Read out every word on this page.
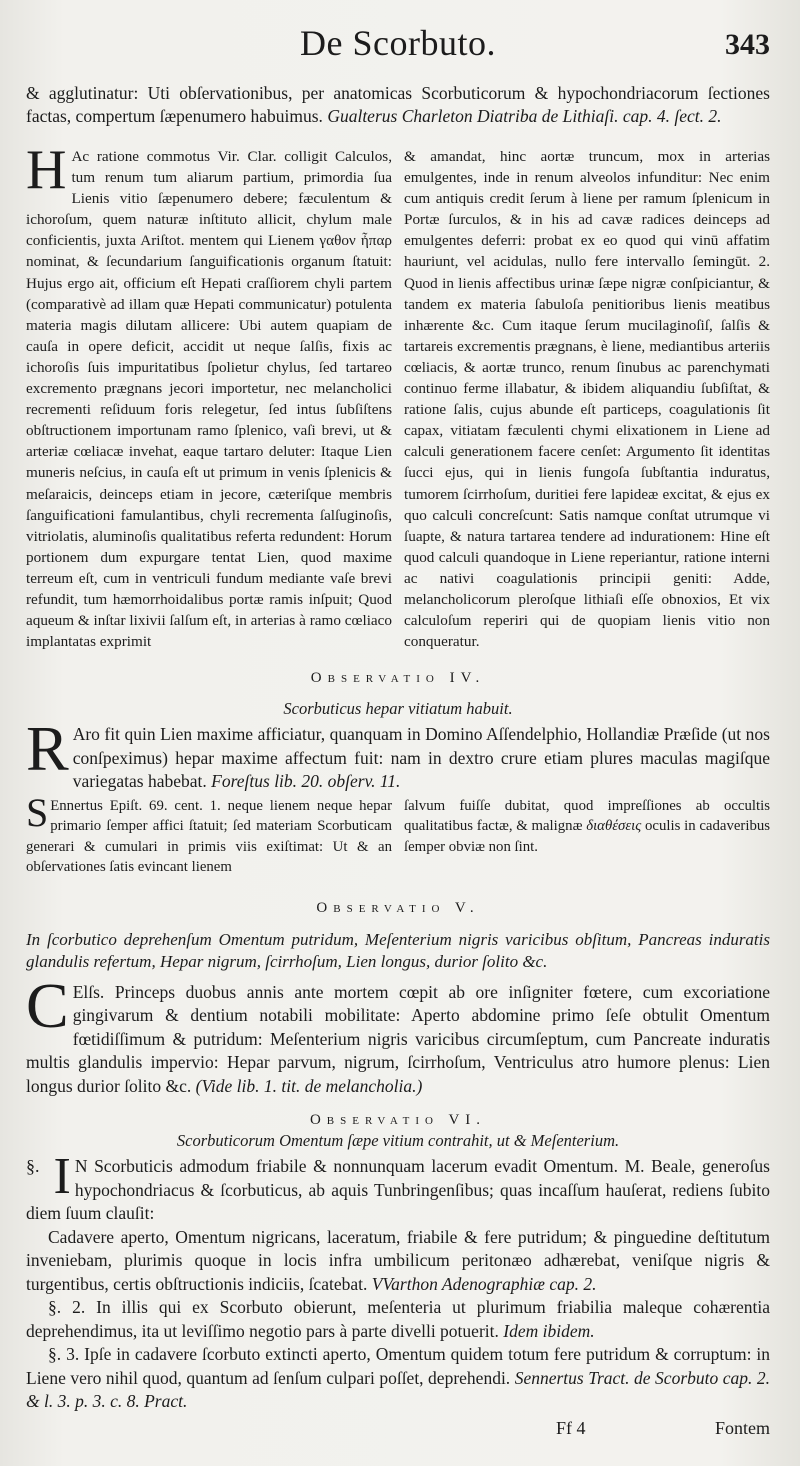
De Scorbuto.	343
& agglutinatur: Uti obſervationibus, per anatomicas Scorbuticorum & hypochondriacorum ſectiones factas, compertum ſæpenumero habuimus. Gualterus Charleton Diatriba de Lithiaſi. cap. 4. ſect. 2.
H Ac ratione commotus Vir. Clar. colligit Calculos, tum renum tum aliarum partium, primordia ſua Lienis vitio ſæpenumero debere; fæculentum & ichoroſum, quem naturæ inſtituto allicit, chylum male conficientis, juxta Ariſtot. mentem qui Lienem γαθον ἦπαρ nominat, & ſecundarium ſanguificationis organum ſtatuit: Hujus ergo ait, officium eſt Hepati craſſiorem chyli partem (comparativè ad illam quæ Hepati communicatur) potulenta materia magis dilutam allicere: Ubi autem quapiam de cauſa in opere deficit, accidit ut neque ſalſis, fixis ac ichoroſis ſuis impuritatibus ſpolietur chylus, ſed tartareo excremento prægnans jecori importetur, nec melancholici recrementi reſiduum foris relegetur, ſed intus ſubſiſtens obſtructionem importunam ramo ſplenico, vaſi brevi, ut & arteriæ cœliacæ invehat, eaque tartaro deluter: Itaque Lien muneris neſcius, in cauſa eſt ut primum in venis ſplenicis & meſaraicis, deinceps etiam in jecore, cæteriſque membris ſanguificationi famulantibus, chyli recrementa ſalſuginoſis, vitriolatis, aluminoſis qualitatibus referta redundent: Horum portionem dum expurgare tentat Lien, quod maxime terreum eſt, cum in ventriculi fundum mediante vaſe brevi refundit, tum hæmorrhoidalibus portæ ramis inſpuit; Quod aqueum & inſtar lixivii ſalſum eſt, in arterias à ramo cœliaco implantatas exprimit
& amandat, hinc aortæ truncum, mox in arterias emulgentes, inde in renum alveolos infunditur: Nec enim cum antiquis credit ſerum à liene per ramum ſplenicum in Portæ ſurculos, & in his ad cavæ radices deinceps ad emulgentes deferri: probat ex eo quod qui vinū affatim hauriunt, vel acidulas, nullo fere intervallo ſemingūt. 2. Quod in lienis affectibus urinæ ſæpe nigræ conſpiciantur, & tandem ex materia ſabuloſa penitioribus lienis meatibus inhærente &c. Cum itaque ſerum mucilaginoſiſ, ſalſis & tartareis excrementis prægnans, è liene, mediantibus arteriis cœliacis, & aortæ trunco, renum ſinubus ac parenchymati continuo ferme illabatur, & ibidem aliquandiu ſubſiſtat, & ratione ſalis, cujus abunde eſt particeps, coagulationis ſit capax, vitiatam fæculenti chymi elixationem in Liene ad calculi generationem facere cenſet: Argumento ſit identitas ſucci ejus, qui in lienis fungoſa ſubſtantia induratus, tumorem ſcirrhoſum, duritiei fere lapideæ excitat, & ejus ex quo calculi concreſcunt: Satis namque conſtat utrumque vi ſuapte, & natura tartarea tendere ad indurationem: Hine eſt quod calculi quandoque in Liene reperiantur, ratione interni ac nativi coagulationis principii geniti: Adde, melancholicorum pleroſque lithiaſi eſſe obnoxios, Et vix calculoſum reperiri qui de quopiam lienis vitio non conqueratur.
Observatio IV.
Scorbuticus hepar vitiatum habuit.
R Aro fit quin Lien maxime afficiatur, quanquam in Domino Aſſendelphio, Hollandiæ Præſide (ut nos conſpeximus) hepar maxime affectum fuit: nam in dextro crure etiam plures maculas magiſque variegatas habebat. Foreſtus lib. 20. obſerv. 11.
S Ennertus Epiſt. 69. cent. 1. neque lienem neque hepar primario ſemper affici ſtatuit; ſed materiam Scorbuticam generari & cumulari in primis viis exiſtimat: Ut & an obſervationes ſatis evincant lienem
ſalvum fuiſſe dubitat, quod impreſſiones ab occultis qualitatibus factæ, & malignæ διαθέσεις oculis in cadaveribus ſemper obviæ non ſint.
Observatio V.
In ſcorbutico deprehenſum Omentum putridum, Meſenterium nigris varicibus obſitum, Pancreas induratis glandulis refertum, Hepar nigrum, ſcirrhoſum, Lien longus, durior ſolito &c.
C Elſs. Princeps duobus annis ante mortem cœpit ab ore inſigniter fœtere, cum excoriatione gingivarum & dentium notabili mobilitate: Aperto abdomine primo ſeſe obtulit Omentum fœtidiſſimum & putridum: Meſenterium nigris varicibus circumſeptum, cum Pancreate induratis multis glandulis impervio: Hepar parvum, nigrum, ſcirrhoſum, Ventriculus atro humore plenus: Lien longus durior ſolito &c. (Vide lib. 1. tit. de melancholia.)
Observatio VI.
Scorbuticorum Omentum ſæpe vitium contrahit, ut & Meſenterium.

§. I N Scorbuticis admodum friabile & nonnunquam lacerum evadit Omentum. M. Beale, generoſus hypochondriacus & ſcorbuticus, ab aquis Tunbringenſibus; quas incaſſum hauſerat, rediens ſubito diem ſuum clauſit:

Cadavere aperto, Omentum nigricans, laceratum, friabile & fere putridum; & pinguedine deſtitutum inveniebam, plurimis quoque in locis infra umbilicum peritonæo adhærebat, veniſque nigris & turgentibus, certis obſtructionis indiciis, ſcatebat. VVarthon Adenographiæ cap. 2.

§. 2. In illis qui ex Scorbuto obierunt, meſenteria ut plurimum friabilia maleque cohærentia deprehendimus, ita ut leviſſimo negotio pars à parte divelli potuerit. Idem ibidem.

§. 3. Ipſe in cadavere ſcorbuto extincti aperto, Omentum quidem totum fere putridum & corruptum: in Liene vero nihil quod, quantum ad ſenſum culpari poſſet, deprehendi. Sennertus Tract. de Scorbuto cap. 2. & l. 3. p. 3. c. 8. Pract.

Ff 4	Fontem
